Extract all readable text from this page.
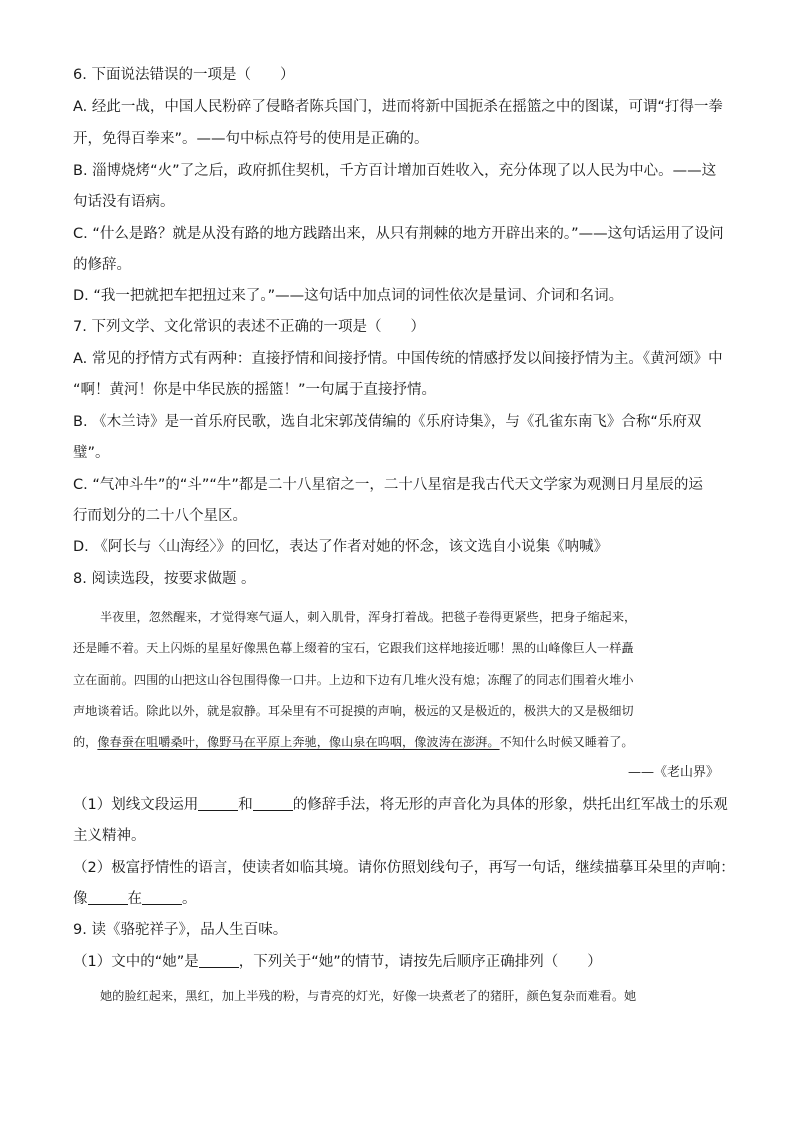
6. 下面说法错误的一项是（　　）
A. 经此一战，中国人民粉碎了侵略者陈兵国门，进而将新中国扼杀在摇篮之中的图谋，可谓“打得一拳
开，免得百拳来”。——句中标点符号的使用是正确的。
B. 淄博烧烤“火”了之后，政府抓住契机，千方百计增加百姓收入，充分体现了以人民为中心。——这
句话没有语病。
C. “什么是路？就是从没有路的地方践踏出来，从只有荆棘的地方开辟出来的。”——这句话运用了设问
的修辞。
D. “我一把就把车把扭过来了。”——这句话中加点词的词性依次是量词、介词和名词。
7. 下列文学、文化常识的表述不正确的一项是（　　）
A. 常见的抒情方式有两种：直接抒情和间接抒情。中国传统的情感抒发以间接抒情为主。《黄河颂》中
“啊！黄河！你是中华民族的摇篮！”一句属于直接抒情。
B. 《木兰诗》是一首乐府民歌，选自北宋郭茂倩编的《乐府诗集》，与《孔雀东南飞》合称“乐府双
璧”。
C. “气冲斗牛”的“斗”“牛”都是二十八星宿之一，二十八星宿是我古代天文学家为观测日月星辰的运
行而划分的二十八个星区。
D. 《阿长与〈山海经〉》的回忆，表达了作者对她的怀念，该文选自小说集《呐喊》
8. 阅读选段，按要求做题 。
半夜里，忽然醒来，才觉得寒气逼人，刺入肌骨，浑身打着战。把毯子卷得更紧些，把身子缩起来，
还是睡不着。天上闪烁的星星好像黑色幕上缀着的宝石，它跟我们这样地接近哪！黑的山峰像巨人一样矗
立在面前。四围的山把这山谷包围得像一口井。上边和下边有几堆火没有熄；冻醒了的同志们围着火堆小
声地谈着话。除此以外，就是寂静。耳朵里有不可捉摸的声响，极远的又是极近的，极洪大的又是极细切
的，像春蚕在咀嚼桑叶，像野马在平原上奔驰，像山泉在呜咽，像波涛在澎湃。不知什么时候又睡着了。
——《老山界》
（1）划线文段运用	和	的修辞手法，将无形的声音化为具体的形象，烘托出红军战士的乐观
主义精神。
（2）极富抒情性的语言，使读者如临其境。请你仿照划线句子，再写一句话，继续描摹耳朵里的声响：
像	在	。
9. 读《骆驼祥子》，品人生百味。
（1）文中的“她”是	，下列关于“她”的情节，请按先后顺序正确排列（　　）
她的脸红起来，黑红，加上半残的粉，与青亮的灯光，好像一块煮老了的猪肝，颜色复杂而难看。她
